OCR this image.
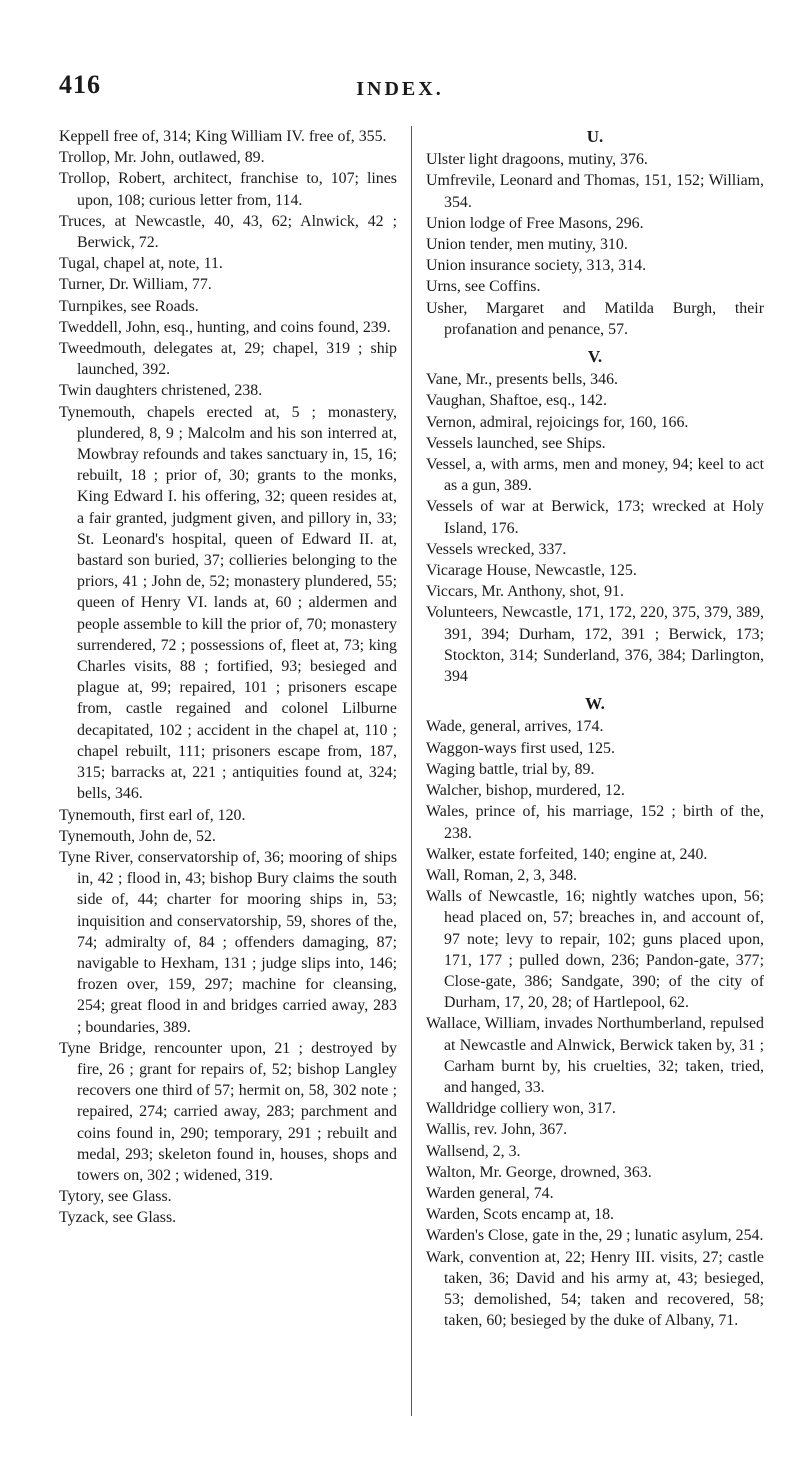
416	INDEX.

Keppell free of, 314; King William IV. free of, 355.

Trollop, Mr. John, outlawed, 89.

Trollop, Robert, architect, franchise to, 107; lines upon, 108; curious letter from, 114.

Truces, at Newcastle, 40, 43, 62; Alnwick, 42 ; Berwick, 72.

Tugal, chapel at, note, 11.

Turner, Dr. William, 77.

Turnpikes, see Roads.

Tweddell, John, esq., hunting, and coins found, 239.

Tweedmouth, delegates at, 29; chapel, 319 ; ship launched, 392.

Twin daughters christened, 238.

Tynemouth, chapels erected at, 5 ; monastery, plundered, 8, 9 ; Malcolm and his son interred at, Mowbray refounds and takes sanctuary in, 15, 16; rebuilt, 18 ; prior of, 30; grants to the monks, King Edward I. his offering, 32; queen resides at, a fair granted, judgment given, and pillory in, 33; St. Leonard's hospital, queen of Edward II. at, bastard son buried, 37; collieries belonging to the priors, 41 ; John de, 52; monastery plundered, 55; queen of Henry VI. lands at, 60 ; aldermen and people assemble to kill the prior of, 70; monastery surrendered, 72 ; possessions of, fleet at, 73; king Charles visits, 88 ; fortified, 93; besieged and plague at, 99; repaired, 101 ; prisoners escape from, castle regained and colonel Lilburne decapitated, 102 ; accident in the chapel at, 110 ; chapel rebuilt, 111; prisoners escape from, 187, 315; barracks at, 221 ; antiquities found at, 324; bells, 346.

Tynemouth, first earl of, 120.

Tynemouth, John de, 52.

Tyne River, conservatorship of, 36; mooring of ships in, 42 ; flood in, 43; bishop Bury claims the south side of, 44; charter for mooring ships in, 53; inquisition and conservatorship, 59, shores of the, 74; admiralty of, 84 ; offenders damaging, 87; navigable to Hexham, 131 ; judge slips into, 146; frozen over, 159, 297; machine for cleansing, 254; great flood in and bridges carried away, 283 ; boundaries, 389.

Tyne Bridge, rencounter upon, 21 ; destroyed by fire, 26 ; grant for repairs of, 52; bishop Langley recovers one third of 57; hermit on, 58, 302 note ; repaired, 274; carried away, 283; parchment and coins found in, 290; temporary, 291 ; rebuilt and medal, 293; skeleton found in, houses, shops and towers on, 302 ; widened, 319.

Tytory, see Glass.

Tyzack, see Glass.

U.

Ulster light dragoons, mutiny, 376.

Umfrevile, Leonard and Thomas, 151, 152; William, 354.

Union lodge of Free Masons, 296.

Union tender, men mutiny, 310.

Union insurance society, 313, 314.

Urns, see Coffins.

Usher, Margaret and Matilda Burgh, their profanation and penance, 57.

V.

Vane, Mr., presents bells, 346.

Vaughan, Shaftoe, esq., 142.

Vernon, admiral, rejoicings for, 160, 166.

Vessels launched, see Ships.

Vessel, a, with arms, men and money, 94; keel to act as a gun, 389.

Vessels of war at Berwick, 173; wrecked at Holy Island, 176.

Vessels wrecked, 337.

Vicarage House, Newcastle, 125.

Viccars, Mr. Anthony, shot, 91.

Volunteers, Newcastle, 171, 172, 220, 375, 379, 389, 391, 394; Durham, 172, 391 ; Berwick, 173; Stockton, 314; Sunderland, 376, 384; Darlington, 394

W.

Wade, general, arrives, 174.

Waggon-ways first used, 125.

Waging battle, trial by, 89.

Walcher, bishop, murdered, 12.

Wales, prince of, his marriage, 152 ; birth of the, 238.

Walker, estate forfeited, 140; engine at, 240.

Wall, Roman, 2, 3, 348.

Walls of Newcastle, 16; nightly watches upon, 56; head placed on, 57; breaches in, and account of, 97 note; levy to repair, 102; guns placed upon, 171, 177 ; pulled down, 236; Pandon-gate, 377; Close-gate, 386; Sandgate, 390; of the city of Durham, 17, 20, 28; of Hartlepool, 62.

Wallace, William, invades Northumberland, repulsed at Newcastle and Alnwick, Berwick taken by, 31 ; Carham burnt by, his cruelties, 32; taken, tried, and hanged, 33.

Walldridge colliery won, 317.

Wallis, rev. John, 367.

Wallsend, 2, 3.

Walton, Mr. George, drowned, 363.

Warden general, 74.

Warden, Scots encamp at, 18.

Warden's Close, gate in the, 29 ; lunatic asylum, 254.

Wark, convention at, 22; Henry III. visits, 27; castle taken, 36; David and his army at, 43; besieged, 53; demolished, 54; taken and recovered, 58; taken, 60; besieged by the duke of Albany, 71.
